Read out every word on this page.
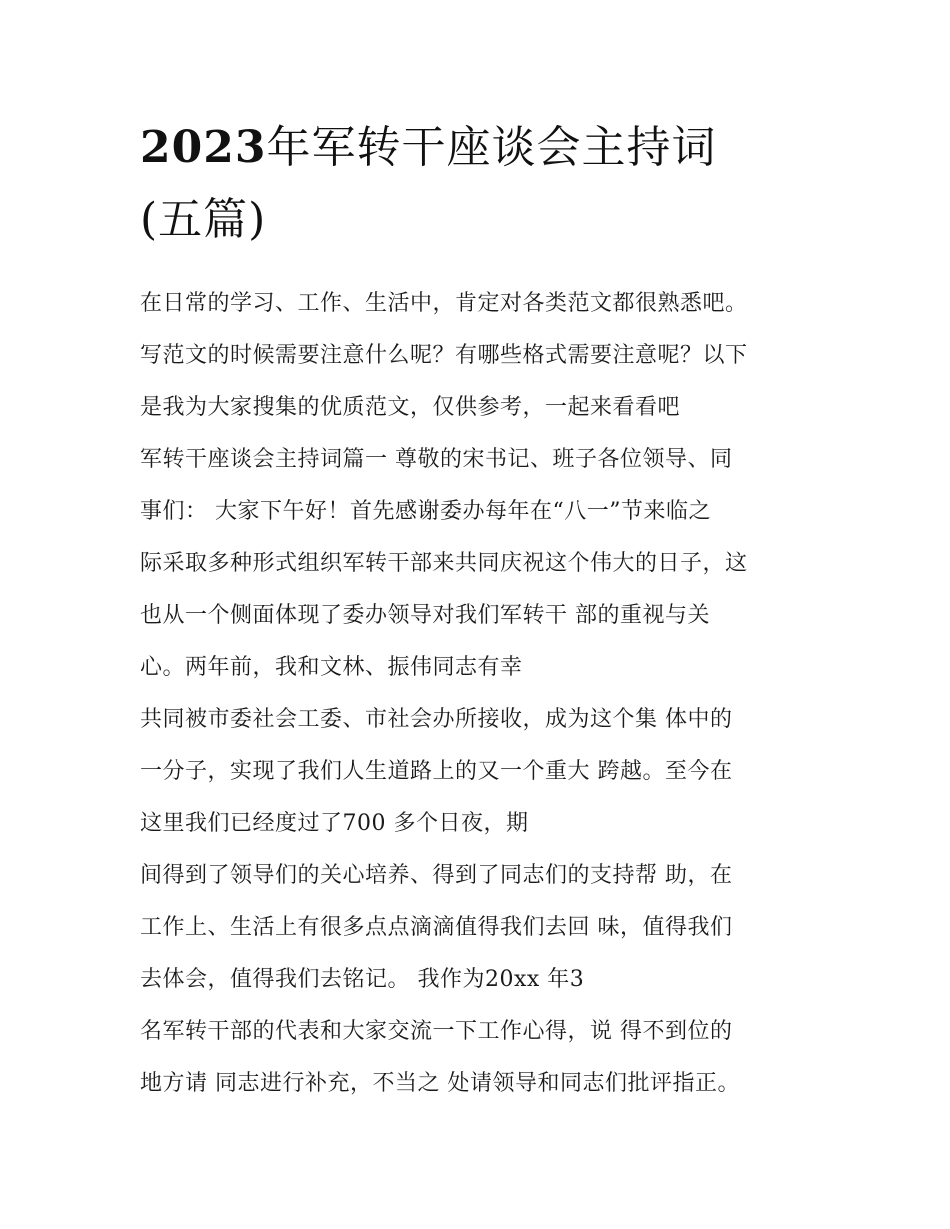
2023年军转干座谈会主持词
(五篇)
在日常的学习、工作、生活中，肯定对各类范文都很熟悉吧。
写范文的时候需要注意什么呢？有哪些格式需要注意呢？以下
是我为大家搜集的优质范文，仅供参考，一起来看看吧
军转干座谈会主持词篇一 尊敬的宋书记、班子各位领导、同
事们： 大家下午好！首先感谢委办每年在“八一”节来临之
际采取多种形式组织军转干部来共同庆祝这个伟大的日子，这
也从一个侧面体现了委办领导对我们军转干 部的重视与关
心。两年前，我和文林、振伟同志有幸
共同被市委社会工委、市社会办所接收，成为这个集 体中的
一分子，实现了我们人生道路上的又一个重大 跨越。至今在
这里我们已经度过了700 多个日夜，期
间得到了领导们的关心培养、得到了同志们的支持帮 助，在
工作上、生活上有很多点点滴滴值得我们去回 味，值得我们
去体会，值得我们去铭记。 我作为20xx 年3
名军转干部的代表和大家交流一下工作心得，说 得不到位的
地方请 同志进行补充，不当之 处请领导和同志们批评指正。
